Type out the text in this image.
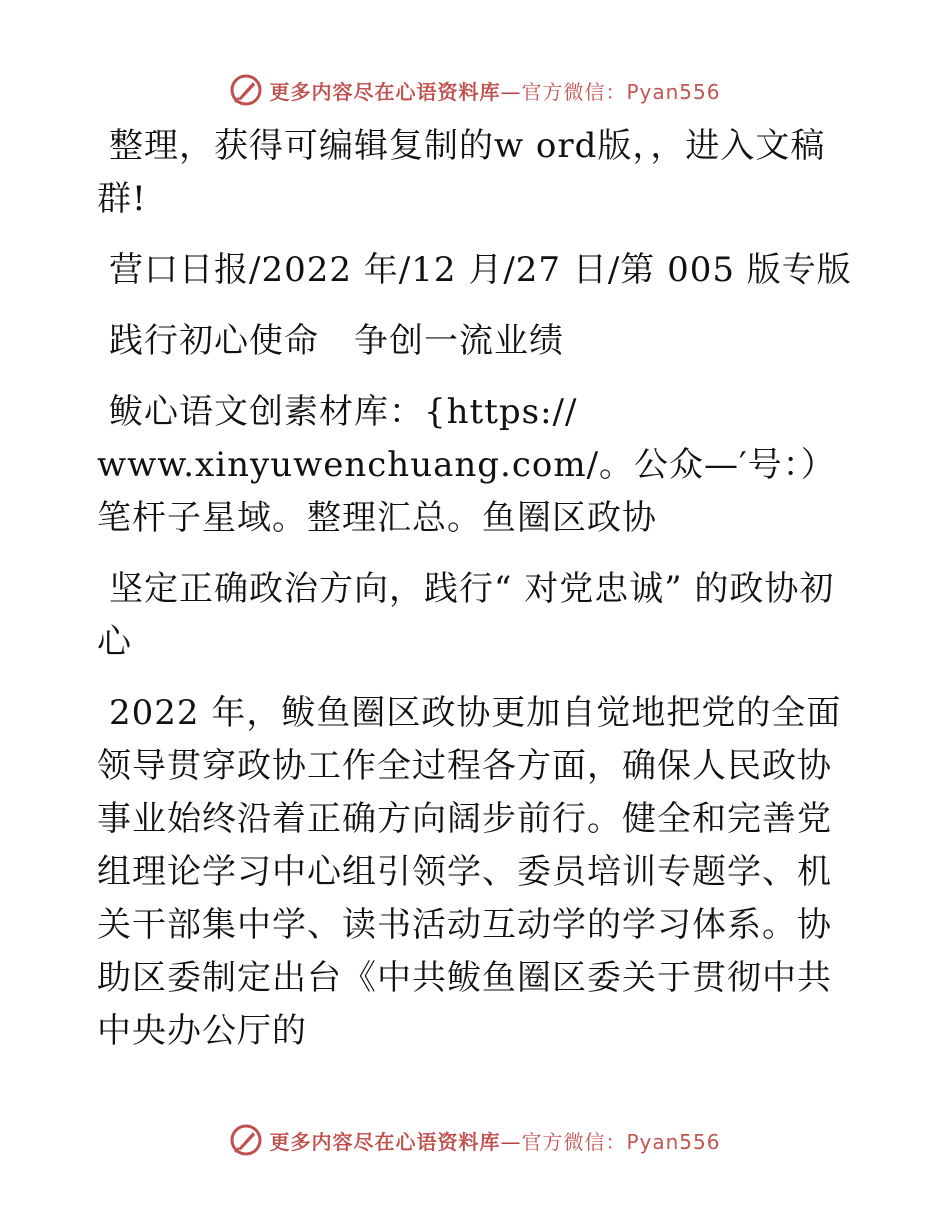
更多内容尽在心语资料库—官方微信：Pyan556

整理，获得可编辑复制的w ord版，，进入文稿群!

营口日报/2022 年/12 月/27 日/第 005 版专版

践行初心使命　争创一流业绩

鲅心语文创素材库：{https://
www.xinyuwenchuang.com/。公众—′号：）笔杆子星域。整理汇总。鱼圈区政协

坚定正确政治方向，践行“ 对党忠诚” 的政协初心

2022 年，鲅鱼圈区政协更加自觉地把党的全面领导贯穿政协工作全过程各方面，确保人民政协事业始终沿着正确方向阔步前行。健全和完善党组理论学习中心组引领学、委员培训专题学、机关干部集中学、读书活动互动学的学习体系。协助区委制定出台《中共鲅鱼圈区委关于贯彻中共中央办公厅的

更多内容尽在心语资料库—官方微信：Pyan556
